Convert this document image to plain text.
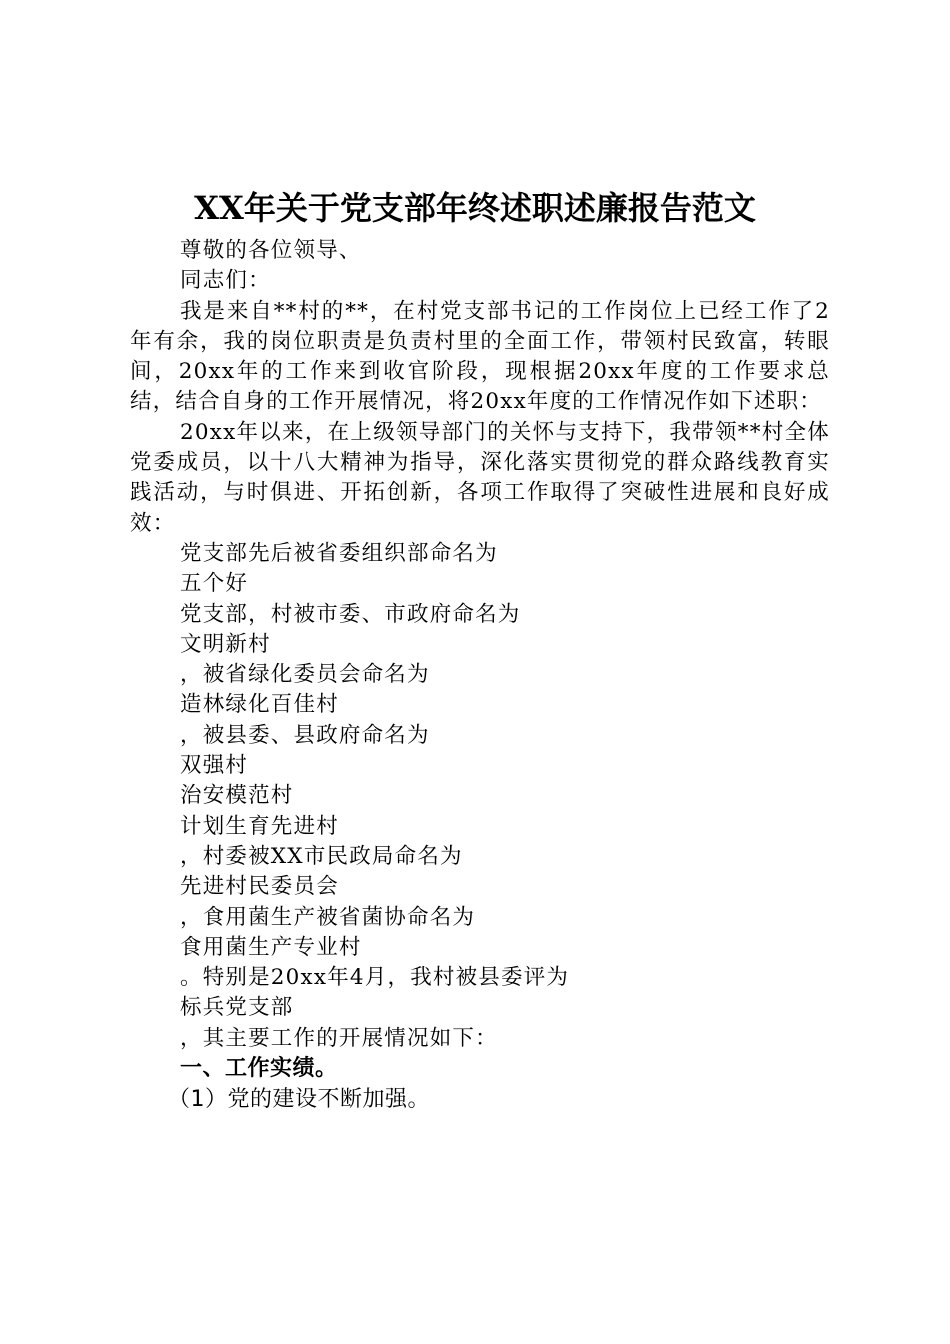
XX年关于党支部年终述职述廉报告范文

尊敬的各位领导、

同志们：

我是来自**村的**，在村党支部书记的工作岗位上已经工作了2年有余，我的岗位职责是负责村里的全面工作，带领村民致富，转眼间，20xx年的工作来到收官阶段，现根据20xx年度的工作要求总结，结合自身的工作开展情况，将20xx年度的工作情况作如下述职：

20xx年以来，在上级领导部门的关怀与支持下，我带领**村全体党委成员，以十八大精神为指导，深化落实贯彻党的群众路线教育实践活动，与时俱进、开拓创新，各项工作取得了突破性进展和良好成效：

党支部先后被省委组织部命名为

五个好

党支部，村被市委、市政府命名为

文明新村

，被省绿化委员会命名为

造林绿化百佳村

，被县委、县政府命名为

双强村

治安模范村

计划生育先进村

，村委被XX市民政局命名为

先进村民委员会

，食用菌生产被省菌协命名为

食用菌生产专业村

。特别是20xx年4月，我村被县委评为

标兵党支部

，其主要工作的开展情况如下：

一、工作实绩。

（1）党的建设不断加强。
